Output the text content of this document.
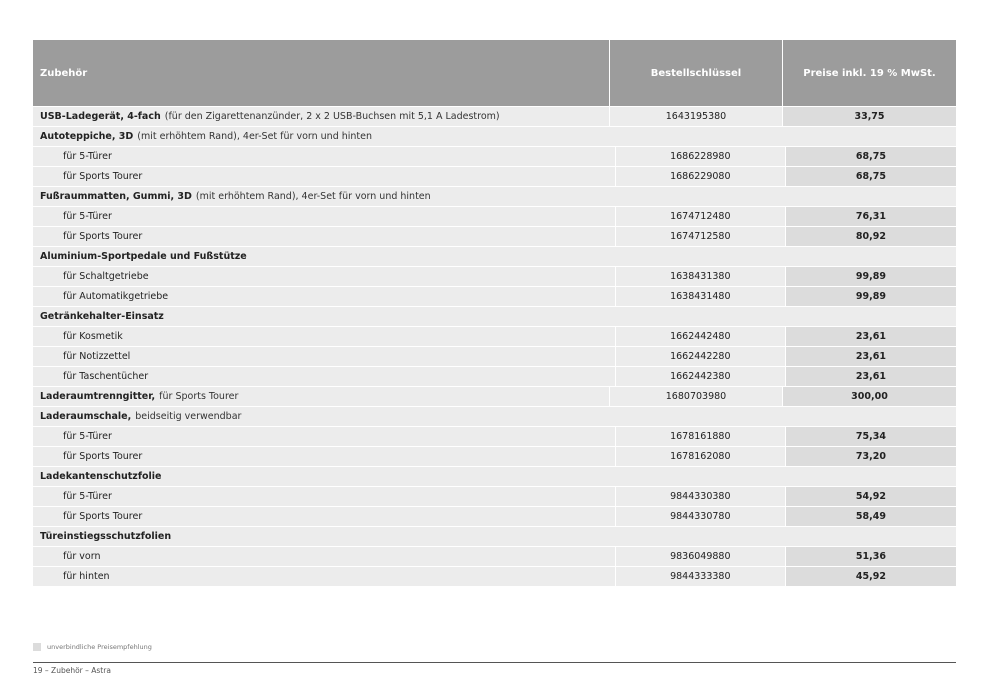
Zubehör	Bestellschlüssel	Preise inkl. 19 % MwSt.
USB-Ladegerät, 4-fach (für den Zigarettenanzünder, 2 x 2 USB-Buchsen mit 5,1 A Ladestrom)	1643195380	33,75
Autoteppiche, 3D (mit erhöhtem Rand), 4er-Set für vorn und hinten
für 5-Türer	1686228980	68,75
für Sports Tourer	1686229080	68,75
Fußraummatten, Gummi, 3D (mit erhöhtem Rand), 4er-Set für vorn und hinten
für 5-Türer	1674712480	76,31
für Sports Tourer	1674712580	80,92
Aluminium-Sportpedale und Fußstütze
für Schaltgetriebe	1638431380	99,89
für Automatikgetriebe	1638431480	99,89
Getränkehalter-Einsatz
für Kosmetik	1662442480	23,61
für Notizzettel	1662442280	23,61
für Taschentücher	1662442380	23,61
Laderaumtrenngitter, für Sports Tourer	1680703980	300,00
Laderaumschale, beidseitig verwendbar
für 5-Türer	1678161880	75,34
für Sports Tourer	1678162080	73,20
Ladekantenschutzfolie
für 5-Türer	9844330380	54,92
für Sports Tourer	9844330780	58,49
Türeinstiegsschutzfolien
für vorn	9836049880	51,36
für hinten	9844333380	45,92
unverbindliche Preisempfehlung
19 – Zubehör – Astra
